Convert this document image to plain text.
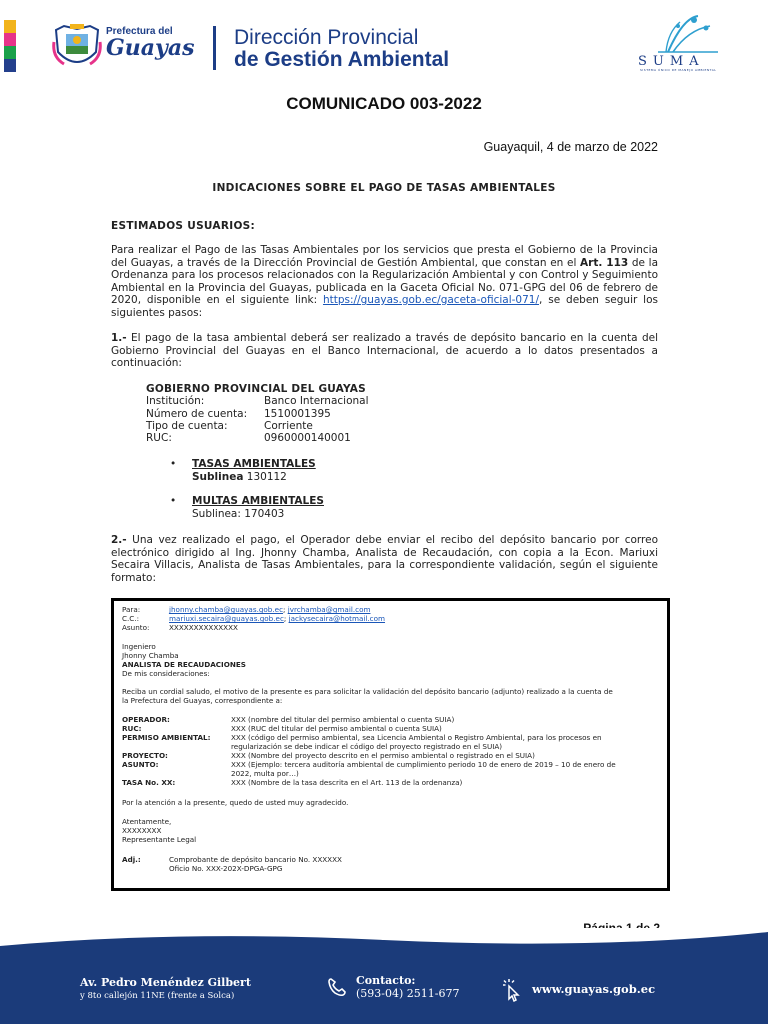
Prefectura del
Guayas	Dirección Provincial
de Gestión Ambiental	SUMA
SISTEMA ÚNICO DE MANEJO AMBIENTAL
COMUNICADO 003-2022
Guayaquil, 4 de marzo de 2022
INDICACIONES SOBRE EL PAGO DE TASAS AMBIENTALES
ESTIMADOS USUARIOS:
Para realizar el Pago de las Tasas Ambientales por los servicios que presta el Gobierno de la Provincia del Guayas, a través de la Dirección Provincial de Gestión Ambiental, que constan en el Art. 113 de la Ordenanza para los procesos relacionados con la Regularización Ambiental y con Control y Seguimiento Ambiental en la Provincia del Guayas, publicada en la Gaceta Oficial No. 071-GPG del 06 de febrero de 2020, disponible en el siguiente link: https://guayas.gob.ec/gaceta-oficial-071/, se deben seguir los siguientes pasos:
1.- El pago de la tasa ambiental deberá ser realizado a través de depósito bancario en la cuenta del Gobierno Provincial del Guayas en el Banco Internacional, de acuerdo a lo datos presentados a continuación:
GOBIERNO PROVINCIAL DEL GUAYAS
Institución:	Banco Internacional
Número de cuenta:	1510001395
Tipo de cuenta:	Corriente
RUC:	0960000140001
• TASAS AMBIENTALES
Sublinea 130112
• MULTAS AMBIENTALES
Sublinea: 170403
2.- Una vez realizado el pago, el Operador debe enviar el recibo del depósito bancario por correo electrónico dirigido al Ing. Jhonny Chamba, Analista de Recaudación, con copia a la Econ. Mariuxi Secaira Villacis, Analista de Tasas Ambientales, para la correspondiente validación, según el siguiente formato:
Para:	jhonny.chamba@guayas.gob.ec; jvrchamba@gmail.com
C.C.:	mariuxi.secaira@guayas.gob.ec; jackysecaira@hotmail.com
Asunto:	XXXXXXXXXXXXXX
Ingeniero
Jhonny Chamba
ANALISTA DE RECAUDACIONES
De mis consideraciones:
Reciba un cordial saludo, el motivo de la presente es para solicitar la validación del depósito bancario (adjunto) realizado a la cuenta de
la Prefectura del Guayas, correspondiente a:
OPERADOR:	XXX (nombre del titular del permiso ambiental o cuenta SUIA)
RUC:	XXX (RUC del titular del permiso ambiental o cuenta SUIA)
PERMISO AMBIENTAL:	XXX (código del permiso ambiental, sea Licencia Ambiental o Registro Ambiental, para los procesos en
regularización se debe indicar el código del proyecto registrado en el SUIA)
PROYECTO:	XXX (Nombre del proyecto descrito en el permiso ambiental o registrado en el SUIA)
ASUNTO:	XXX (Ejemplo: tercera auditoría ambiental de cumplimiento periodo 10 de enero de 2019 – 10 de enero de
2022, multa por…)
TASA No. XX:	XXX (Nombre de la tasa descrita en el Art. 113 de la ordenanza)
Por la atención a la presente, quedo de usted muy agradecido.
Atentamente,
XXXXXXXX
Representante Legal
Adj.:	Comprobante de depósito bancario No. XXXXXX
Oficio No. XXX-202X-DPGA-GPG
Av. Pedro Menéndez Gilbert
y 8to callejón 11NE (frente a Solca)
Contacto:
(593-04) 2511-677	www.guayas.gob.ec
